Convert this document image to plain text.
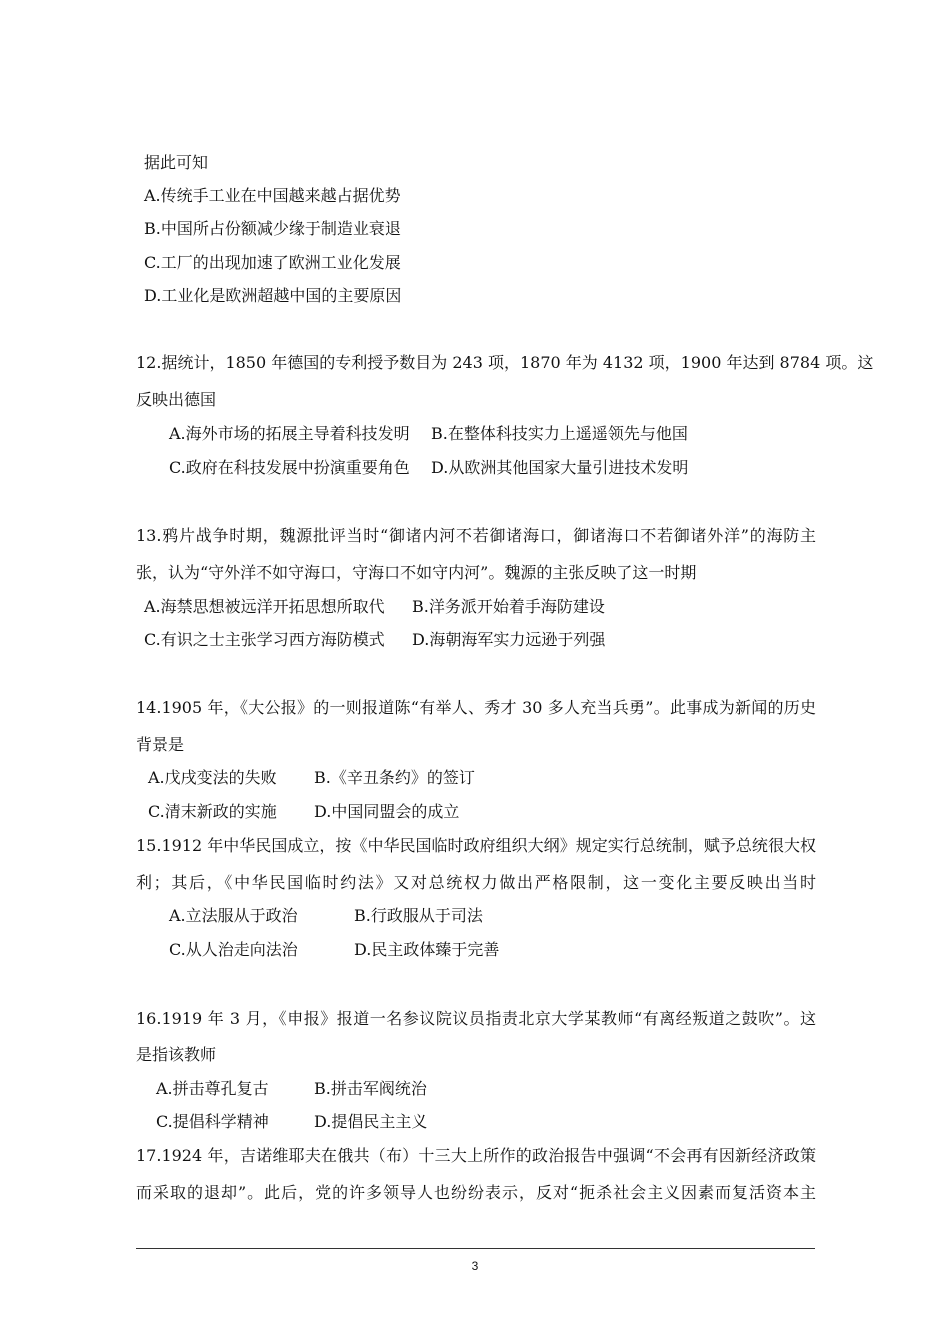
据此可知
A.传统手工业在中国越来越占据优势
B.中国所占份额减少缘于制造业衰退
C.工厂的出现加速了欧洲工业化发展
D.工业化是欧洲超越中国的主要原因
12.据统计，1850 年德国的专利授予数目为 243 项，1870 年为 4132 项，1900 年达到 8784 项。这
反映出德国
A.海外市场的拓展主导着科技发明 B.在整体科技实力上遥遥领先与他国
C.政府在科技发展中扮演重要角色 D.从欧洲其他国家大量引进技术发明
13.鸦片战争时期，魏源批评当时“御诸内河不若御诸海口，御诸海口不若御诸外洋”的海防主
张，认为“守外洋不如守海口，守海口不如守内河”。魏源的主张反映了这一时期
A.海禁思想被远洋开拓思想所取代 B.洋务派开始着手海防建设
C.有识之士主张学习西方海防模式 D.海朝海军实力远逊于列强
14.1905 年，《大公报》的一则报道陈“有举人、秀才 30 多人充当兵勇”。此事成为新闻的历史
背景是
A.戊戌变法的失败 B.《辛丑条约》的签订
C.清末新政的实施 D.中国同盟会的成立
15.1912 年中华民国成立，按《中华民国临时政府组织大纲》规定实行总统制，赋予总统很大权
利；其后，《中华民国临时约法》又对总统权力做出严格限制，这一变化主要反映出当时
A.立法服从于政治	B.行政服从于司法
C.从人治走向法治	D.民主政体臻于完善
16.1919 年 3 月，《申报》报道一名参议院议员指责北京大学某教师“有离经叛道之鼓吹”。这
是指该教师
A.拼击尊孔复古	B.拼击军阀统治
C.提倡科学精神	D.提倡民主主义
17.1924 年，吉诺维耶夫在俄共（布）十三大上所作的政治报告中强调“不会再有因新经济政策
而采取的退却”。此后，党的许多领导人也纷纷表示，反对“扼杀社会主义因素而复活资本主
3
